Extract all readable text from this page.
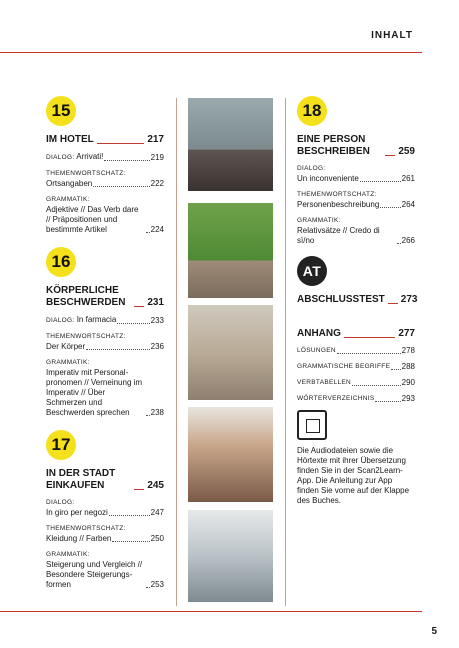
INHALT
15
IM HOTEL	217
DIALOG: Arrivati!	219
THEMENWORTSCHATZ:
Ortsangaben	222
GRAMMATIK:
Adjektive // Das Verb dare // Präpositionen und bestimmte Artikel	224
16
KÖRPERLICHE BESCHWERDEN	231
DIALOG: In farmacia	233
THEMENWORTSCHATZ:
Der Körper	236
GRAMMATIK:
Imperativ mit Personal-pronomen // Verneinung im Imperativ // Über Schmerzen und Beschwerden sprechen	238
17
IN DER STADT EINKAUFEN	245
DIALOG:
In giro per negozi	247
THEMENWORTSCHATZ:
Kleidung // Farben	250
GRAMMATIK:
Steigerung und Vergleich // Besondere Steigerungs-formen	253
18
EINE PERSON BESCHREIBEN	259
DIALOG:
Un inconveniente	261
THEMENWORTSCHATZ:
Personenbeschreibung	264
GRAMMATIK:
Relativsätze // Credo di sì/no	266
AT
ABSCHLUSSTEST 273
ANHANG	277
LÖSUNGEN	278
GRAMMATISCHE BEGRIFFE 288
VERBTABELLEN	290
WÖRTERVERZEICHNIS	293
Die Audiodateien sowie die Hörtexte mit ihrer Übersetzung finden Sie in der Scan2Learn-App. Die Anleitung zur App finden Sie vorne auf der Klappe des Buches.
5
